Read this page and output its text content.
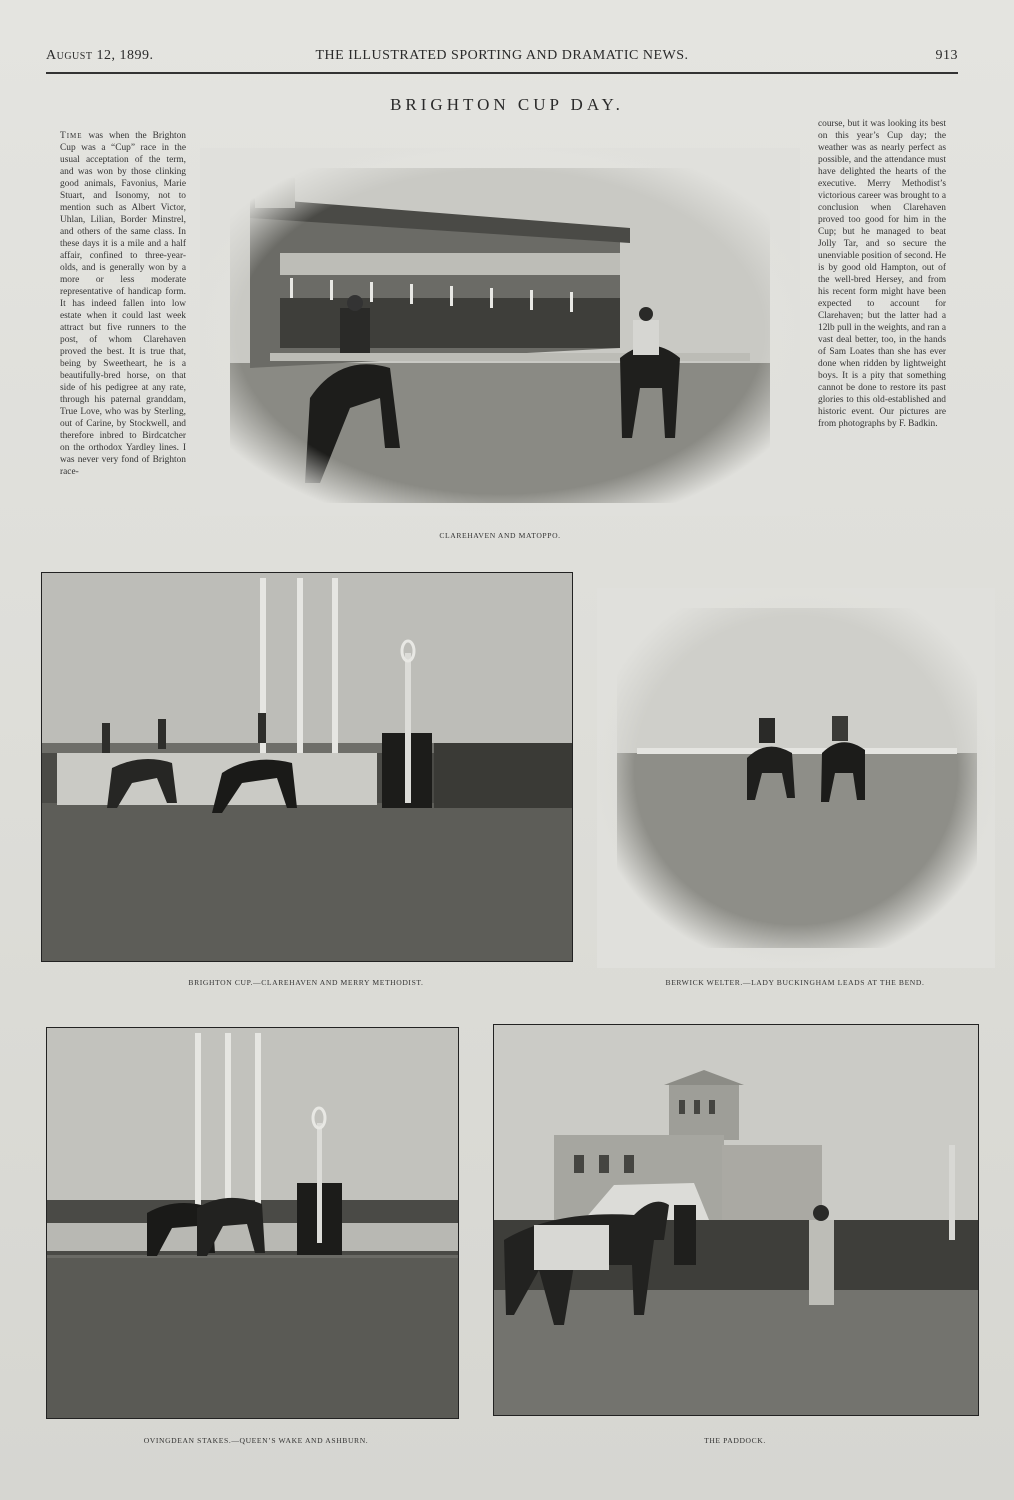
August 12, 1899.	THE ILLUSTRATED SPORTING AND DRAMATIC NEWS.	913
BRIGHTON CUP DAY.
Time was when the Brighton Cup was a “Cup” race in the usual acceptation of the term, and was won by those clinking good animals, Favonius, Marie Stuart, and Isonomy, not to mention such as Albert Victor, Uhlan, Lilian, Border Minstrel, and others of the same class. In these days it is a mile and a half affair, confined to three-year-olds, and is generally won by a more or less moderate representative of handicap form. It has indeed fallen into low estate when it could last week attract but five runners to the post, of whom Clarehaven proved the best. It is true that, being by Sweetheart, he is a beautifully-bred horse, on that side of his pedigree at any rate, through his paternal granddam, True Love, who was by Sterling, out of Carine, by Stockwell, and therefore inbred to Birdcatcher on the orthodox Yardley lines. I was never very fond of Brighton race-
course, but it was looking its best on this year’s Cup day; the weather was as nearly perfect as possible, and the attendance must have delighted the hearts of the executive. Merry Methodist’s victorious career was brought to a conclusion when Clarehaven proved too good for him in the Cup; but he managed to beat Jolly Tar, and so secure the unenviable position of second. He is by good old Hampton, out of the well-bred Hersey, and from his recent form might have been expected to account for Clarehaven; but the latter had a 12lb pull in the weights, and ran a vast deal better, too, in the hands of Sam Loates than she has ever done when ridden by lightweight boys. It is a pity that something cannot be done to restore its past glories to this old-established and historic event. Our pictures are from photographs by F. Badkin.
CLAREHAVEN AND MATOPPO.
BRIGHTON CUP.—CLAREHAVEN AND MERRY METHODIST.	BERWICK WELTER.—LADY BUCKINGHAM LEADS AT THE BEND.
OVINGDEAN STAKES.—QUEEN’S WAKE AND ASHBURN.	THE PADDOCK.
